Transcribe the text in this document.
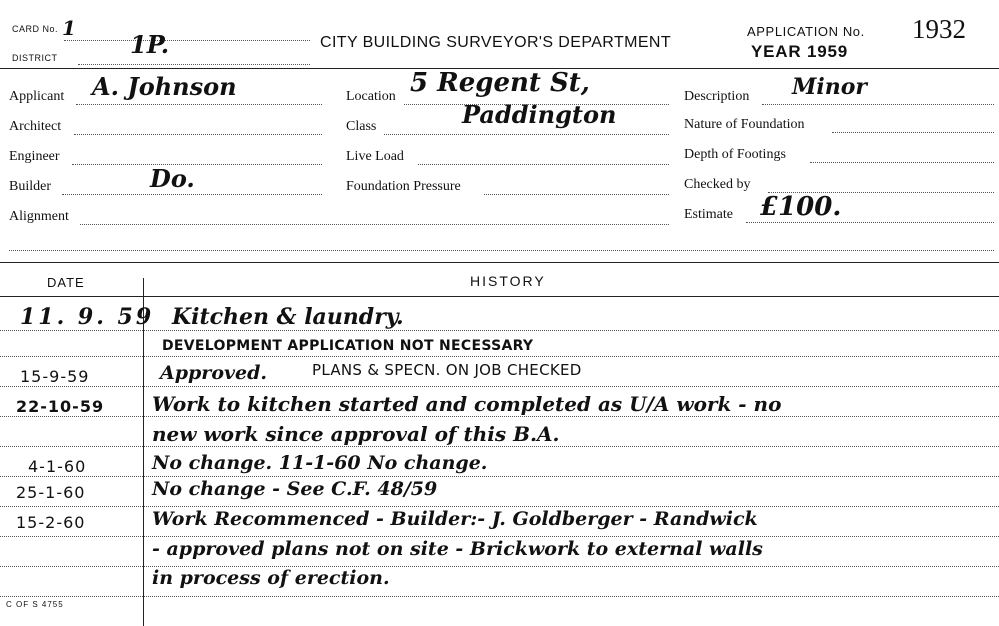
CARD No. 1
DISTRICT	1P.	CITY BUILDING SURVEYOR'S DEPARTMENT
APPLICATION No. 1932
YEAR 1959
Applicant A. Johnson
Architect
Engineer
Builder	Do.
Alignment
Location 5 Regent St,
Paddington
Class
Live Load
Foundation Pressure
Description Minor
Nature of Foundation
Depth of Footings
Checked by
Estimate £100.
DATE	HISTORY
11. 9. 59 Kitchen & laundry.
DEVELOPMENT APPLICATION NOT NECESSARY
15-9-59	Approved.	PLANS & SPECN. ON JOB CHECKED
22-10-59 Work to kitchen started and completed as U/A work - no
new work since approval of this B.A.
4-1-60	No change. 11-1-60 No change.
25-1-60	No change - See C.F. 48/59
15-2-60	Work Recommenced - Builder:- J. Goldberger - Randwick
- approved plans not on site - Brickwork to external walls
in process of erection.
C OF S 4755
